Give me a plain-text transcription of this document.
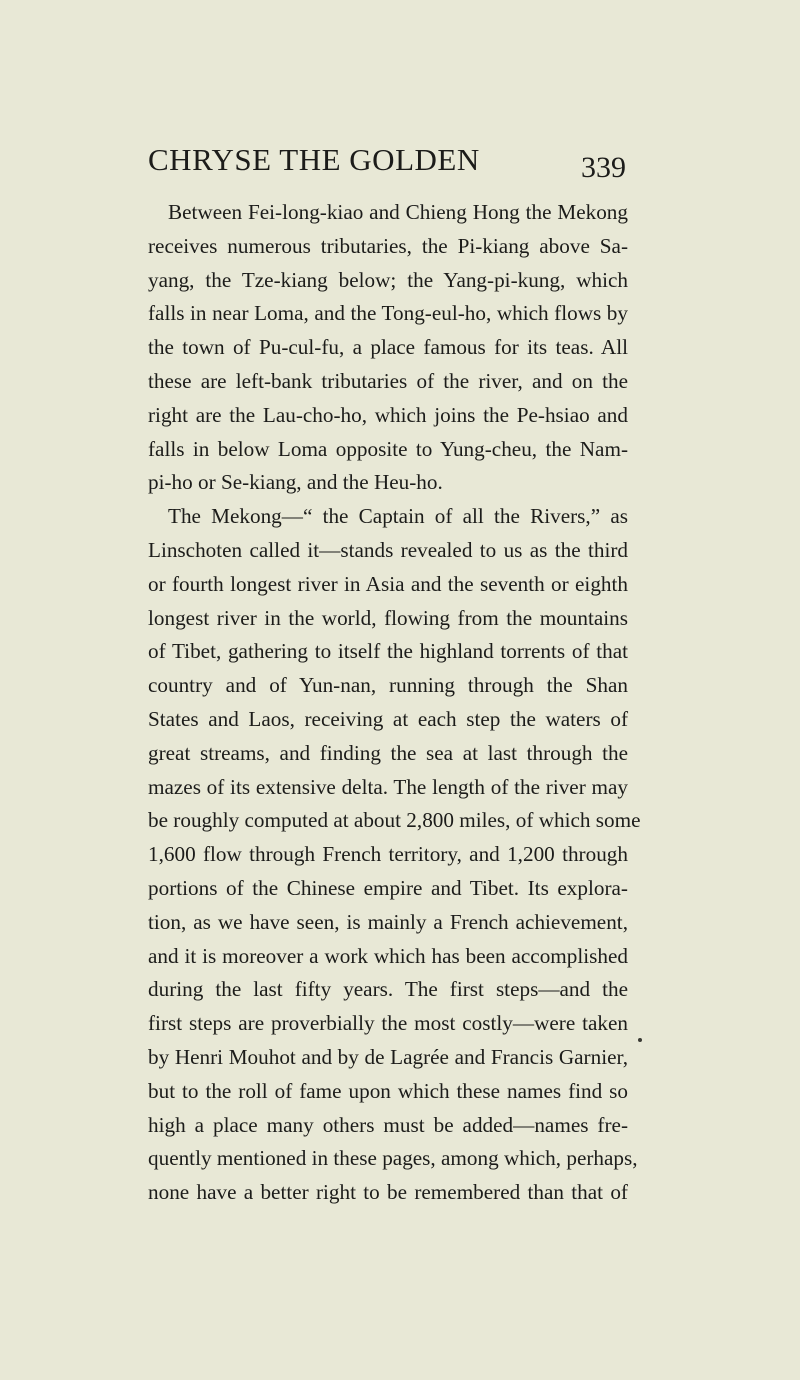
CHRYSE THE GOLDEN	339
Between Fei-long-kiao and Chieng Hong the Mekong
receives numerous tributaries, the Pi-kiang above Sa-
yang, the Tze-kiang below; the Yang-pi-kung, which
falls in near Loma, and the Tong-eul-ho, which flows by
the town of Pu-cul-fu, a place famous for its teas. All
these are left-bank tributaries of the river, and on the
right are the Lau-cho-ho, which joins the Pe-hsiao and
falls in below Loma opposite to Yung-cheu, the Nam-
pi-ho or Se-kiang, and the Heu-ho.
The Mekong—“ the Captain of all the Rivers,” as
Linschoten called it—stands revealed to us as the third
or fourth longest river in Asia and the seventh or eighth
longest river in the world, flowing from the mountains
of Tibet, gathering to itself the highland torrents of that
country and of Yun-nan, running through the Shan
States and Laos, receiving at each step the waters of
great streams, and finding the sea at last through the
mazes of its extensive delta. The length of the river may
be roughly computed at about 2,800 miles, of which some
1,600 flow through French territory, and 1,200 through
portions of the Chinese empire and Tibet. Its explora-
tion, as we have seen, is mainly a French achievement,
and it is moreover a work which has been accomplished
during the last fifty years. The first steps—and the
first steps are proverbially the most costly—were taken
by Henri Mouhot and by de Lagrée and Francis Garnier,
but to the roll of fame upon which these names find so
high a place many others must be added—names fre-
quently mentioned in these pages, among which, perhaps,
none have a better right to be remembered than that of
